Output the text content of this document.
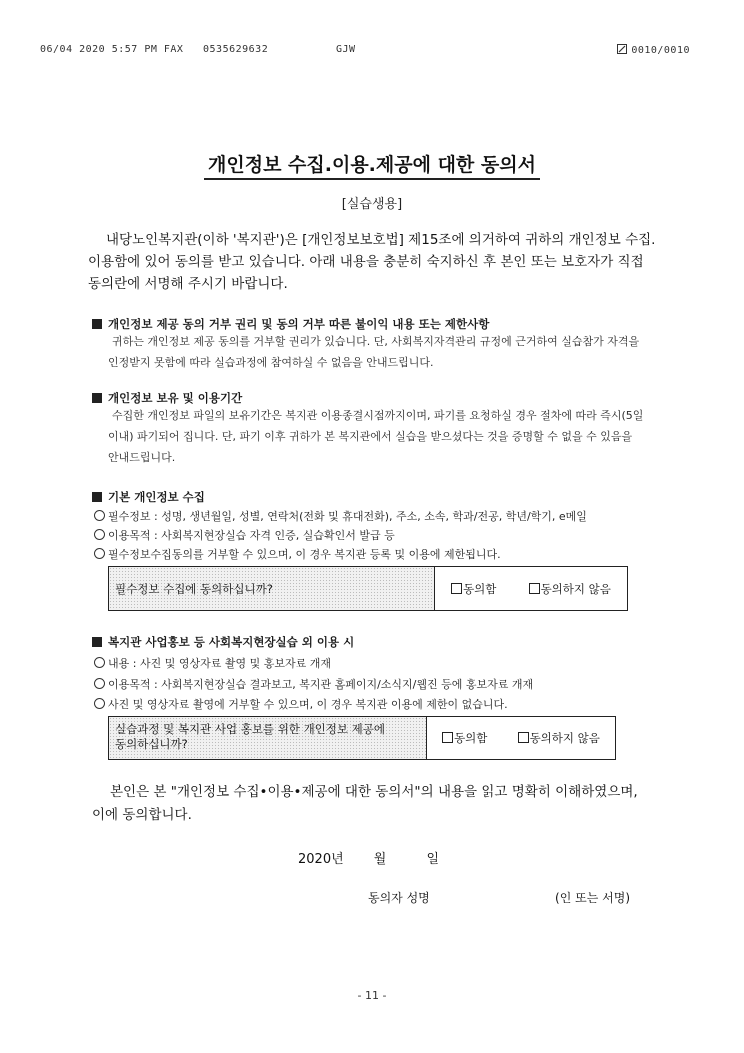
06/04 2020 5:57 PM FAX 0535629632	GJW	0010/0010
개인정보 수집.이용.제공에 대한 동의서
[실습생용]
내당노인복지관(이하 '복지관')은 [개인정보보호법] 제15조에 의거하여 귀하의 개인정보 수집.이용함에 있어 동의를 받고 있습니다. 아래 내용을 충분히 숙지하신 후 본인 또는 보호자가 직접 동의란에 서명해 주시기 바랍니다.
개인정보 제공 동의 거부 권리 및 동의 거부 따른 불이익 내용 또는 제한사항
귀하는 개인정보 제공 동의를 거부할 권리가 있습니다. 단, 사회복지자격관리 규정에 근거하여 실습참가 자격을 인정받지 못함에 따라 실습과정에 참여하실 수 없음을 안내드립니다.
개인정보 보유 및 이용기간
수집한 개인정보 파일의 보유기간은 복지관 이용종결시점까지이며, 파기를 요청하실 경우 절차에 따라 즉시(5일 이내) 파기되어 집니다. 단, 파기 이후 귀하가 본 복지관에서 실습을 받으셨다는 것을 증명할 수 없을 수 있음을 안내드립니다.
기본 개인정보 수집
필수정보 : 성명, 생년월일, 성별, 연락처(전화 및 휴대전화), 주소, 소속, 학과/전공, 학년/학기, e메일
이용목적 : 사회복지현장실습 자격 인증, 실습확인서 발급 등
필수정보수집동의를 거부할 수 있으며, 이 경우 복지관 등록 및 이용에 제한됩니다.
필수정보 수집에 동의하십니까?	동의함	동의하지 않음
복지관 사업홍보 등 사회복지현장실습 외 이용 시
내용 : 사진 및 영상자료 촬영 및 홍보자료 개재
이용목적 : 사회복지현장실습 결과보고, 복지관 홈페이지/소식지/웹진 등에 홍보자료 개재
사진 및 영상자료 촬영에 거부할 수 있으며, 이 경우 복지관 이용에 제한이 없습니다.
실습과정 및 복지관 사업 홍보를 위한 개인정보 제공에 동의하십니까?	동의함	동의하지 않음
본인은 본 "개인정보 수집•이용•제공에 대한 동의서"의 내용을 읽고 명확히 이해하였으며, 이에 동의합니다.
2020년 월	일
동의자 성명	(인 또는 서명)
- 11 -
